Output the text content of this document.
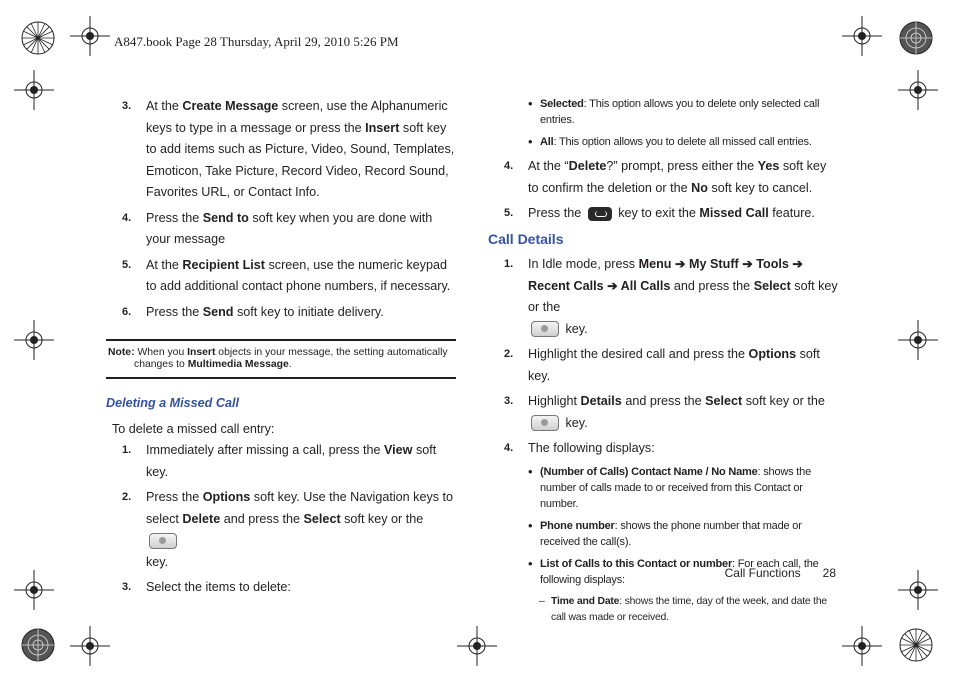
A847.book Page 28 Thursday, April 29, 2010 5:26 PM
3. At the Create Message screen, use the Alphanumeric keys to type in a message or press the Insert soft key to add items such as Picture, Video, Sound, Templates, Emoticon, Take Picture, Record Video, Record Sound, Favorites URL, or Contact Info.
4. Press the Send to soft key when you are done with your message
5. At the Recipient List screen, use the numeric keypad to add additional contact phone numbers, if necessary.
6. Press the Send soft key to initiate delivery.
Note: When you Insert objects in your message, the setting automatically
changes to Multimedia Message.
Deleting a Missed Call
To delete a missed call entry:
1. Immediately after missing a call, press the View soft key.
2. Press the Options soft key. Use the Navigation keys to select Delete and press the Select soft key or the
key.
3. Select the items to delete:
• Selected: This option allows you to delete only selected call entries.
• All: This option allows you to delete all missed call entries.
4. At the “Delete?” prompt, press either the Yes soft key to confirm the deletion or the No soft key to cancel.
5. Press the  key to exit the Missed Call feature.
Call Details
1. In Idle mode, press Menu ➔ My Stuff ➔ Tools ➔ Recent Calls ➔ All Calls and press the Select soft key or the
key.
2. Highlight the desired call and press the Options soft key.
3. Highlight Details and press the Select soft key or the
key.
4. The following displays:
• (Number of Calls) Contact Name / No Name: shows the number of calls made to or received from this Contact or number.
• Phone number: shows the phone number that made or received the call(s).
• List of Calls to this Contact or number: For each call, the following displays:
– Time and Date: shows the time, day of the week, and date the call was made or received.
Call Functions 28
